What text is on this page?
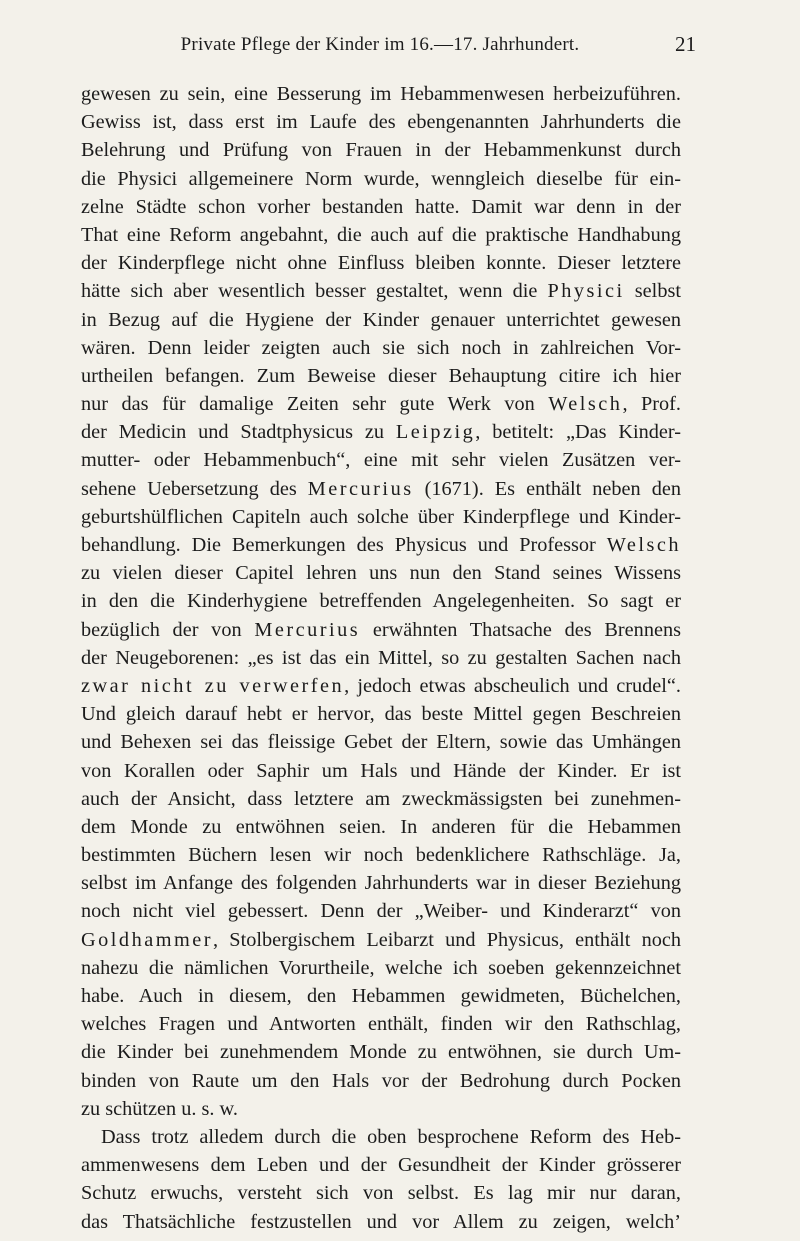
Private Pflege der Kinder im 16.—17. Jahrhundert.	21
gewesen zu sein, eine Besserung im Hebammenwesen herbeizuführen.
Gewiss ist, dass erst im Laufe des ebengenannten Jahrhunderts die
Belehrung und Prüfung von Frauen in der Hebammenkunst durch
die Physici allgemeinere Norm wurde, wenngleich dieselbe für ein-
zelne Städte schon vorher bestanden hatte. Damit war denn in der
That eine Reform angebahnt, die auch auf die praktische Handhabung
der Kinderpflege nicht ohne Einfluss bleiben konnte. Dieser letztere
hätte sich aber wesentlich besser gestaltet, wenn die Physici selbst
in Bezug auf die Hygiene der Kinder genauer unterrichtet gewesen
wären. Denn leider zeigten auch sie sich noch in zahlreichen Vor-
urtheilen befangen. Zum Beweise dieser Behauptung citire ich hier
nur das für damalige Zeiten sehr gute Werk von Welsch, Prof.
der Medicin und Stadtphysicus zu Leipzig, betitelt: „Das Kinder-
mutter- oder Hebammenbuch“, eine mit sehr vielen Zusätzen ver-
sehene Uebersetzung des Mercurius (1671). Es enthält neben den
geburtshülflichen Capiteln auch solche über Kinderpflege und Kinder-
behandlung. Die Bemerkungen des Physicus und Professor Welsch
zu vielen dieser Capitel lehren uns nun den Stand seines Wissens
in den die Kinderhygiene betreffenden Angelegenheiten. So sagt er
bezüglich der von Mercurius erwähnten Thatsache des Brennens
der Neugeborenen: „es ist das ein Mittel, so zu gestalten Sachen nach
zwar nicht zu verwerfen, jedoch etwas abscheulich und crudel“.
Und gleich darauf hebt er hervor, das beste Mittel gegen Beschreien
und Behexen sei das fleissige Gebet der Eltern, sowie das Umhängen
von Korallen oder Saphir um Hals und Hände der Kinder. Er ist
auch der Ansicht, dass letztere am zweckmässigsten bei zunehmen-
dem Monde zu entwöhnen seien. In anderen für die Hebammen
bestimmten Büchern lesen wir noch bedenklichere Rathschläge. Ja,
selbst im Anfange des folgenden Jahrhunderts war in dieser Beziehung
noch nicht viel gebessert. Denn der „Weiber- und Kinderarzt“ von
Goldhammer, Stolbergischem Leibarzt und Physicus, enthält noch
nahezu die nämlichen Vorurtheile, welche ich soeben gekennzeichnet
habe. Auch in diesem, den Hebammen gewidmeten, Büchelchen,
welches Fragen und Antworten enthält, finden wir den Rathschlag,
die Kinder bei zunehmendem Monde zu entwöhnen, sie durch Um-
binden von Raute um den Hals vor der Bedrohung durch Pocken
zu schützen u. s. w.
Dass trotz alledem durch die oben besprochene Reform des Heb-
ammenwesens dem Leben und der Gesundheit der Kinder grösserer
Schutz erwuchs, versteht sich von selbst. Es lag mir nur daran,
das Thatsächliche festzustellen und vor Allem zu zeigen, welch’
